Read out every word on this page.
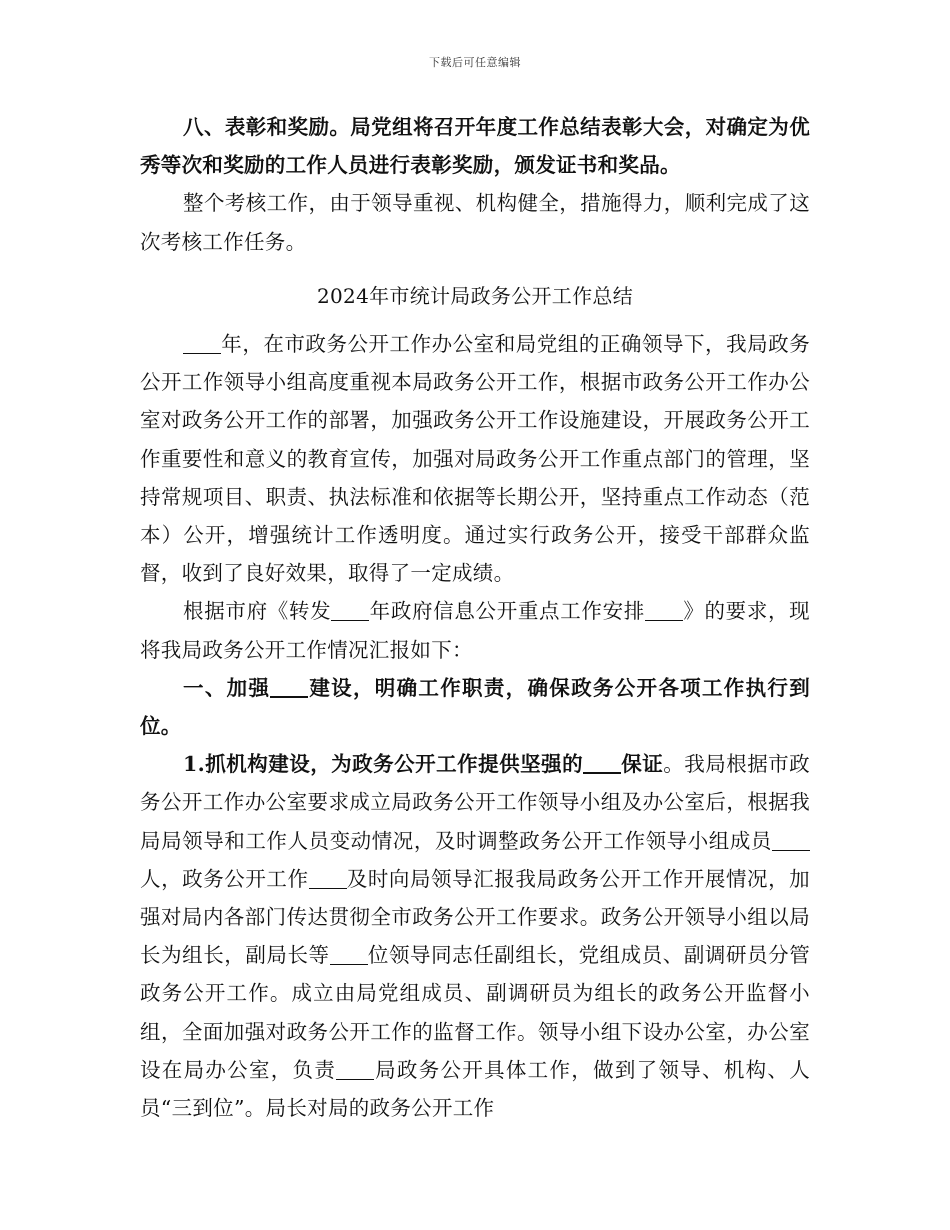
下载后可任意编辑

八、表彰和奖励。局党组将召开年度工作总结表彰大会，对确定为优秀等次和奖励的工作人员进行表彰奖励，颁发证书和奖品。

整个考核工作，由于领导重视、机构健全，措施得力，顺利完成了这次考核工作任务。

2024年市统计局政务公开工作总结

年，在市政务公开工作办公室和局党组的正确领导下，我局政务公开工作领导小组高度重视本局政务公开工作，根据市政务公开工作办公室对政务公开工作的部署，加强政务公开工作设施建设，开展政务公开工作重要性和意义的教育宣传，加强对局政务公开工作重点部门的管理，坚持常规项目、职责、执法标准和依据等长期公开，坚持重点工作动态（范本）公开，增强统计工作透明度。通过实行政务公开，接受干部群众监督，收到了良好效果，取得了一定成绩。

根据市府《转发 年政府信息公开重点工作安排 》的要求，现将我局政务公开工作情况汇报如下：

一、加强 建设，明确工作职责，确保政务公开各项工作执行到位。

1.抓机构建设，为政务公开工作提供坚强的 保证。我局根据市政务公开工作办公室要求成立局政务公开工作领导小组及办公室后，根据我局局领导和工作人员变动情况，及时调整政务公开工作领导小组成员人，政务公开工作 及时向局领导汇报我局政务公开工作开展情况，加强对局内各部门传达贯彻全市政务公开工作要求。政务公开领导小组以局长为组长，副局长等 位领导同志任副组长，党组成员、副调研员分管政务公开工作。成立由局党组成员、副调研员为组长的政务公开监督小组，全面加强对政务公开工作的监督工作。领导小组下设办公室，办公室设在局办公室，负责 局政务公开具体工作，做到了领导、机构、人员“三到位”。局长对局的政务公开工作
